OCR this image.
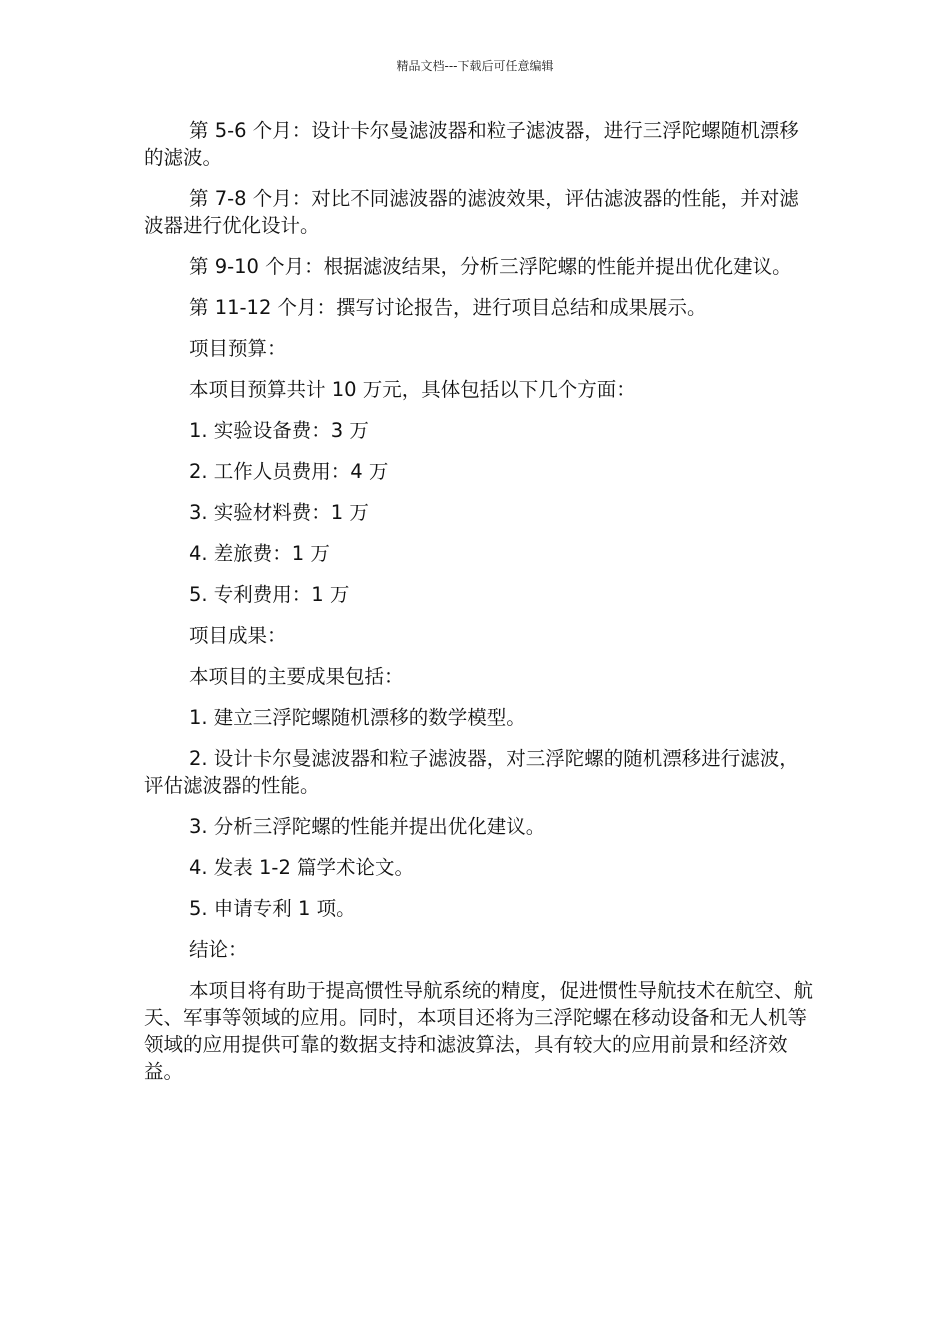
精品文档---下载后可任意编辑

第 5-6 个月：设计卡尔曼滤波器和粒子滤波器，进行三浮陀螺随机漂移的滤波。

第 7-8 个月：对比不同滤波器的滤波效果，评估滤波器的性能，并对滤波器进行优化设计。

第 9-10 个月：根据滤波结果，分析三浮陀螺的性能并提出优化建议。

第 11-12 个月：撰写讨论报告，进行项目总结和成果展示。

项目预算：

本项目预算共计 10 万元，具体包括以下几个方面：

1. 实验设备费：3 万

2. 工作人员费用：4 万

3. 实验材料费：1 万

4. 差旅费：1 万

5. 专利费用：1 万

项目成果：

本项目的主要成果包括：

1. 建立三浮陀螺随机漂移的数学模型。

2. 设计卡尔曼滤波器和粒子滤波器，对三浮陀螺的随机漂移进行滤波，评估滤波器的性能。

3. 分析三浮陀螺的性能并提出优化建议。

4. 发表 1-2 篇学术论文。

5. 申请专利 1 项。

结论：

本项目将有助于提高惯性导航系统的精度，促进惯性导航技术在航空、航天、军事等领域的应用。同时，本项目还将为三浮陀螺在移动设备和无人机等领域的应用提供可靠的数据支持和滤波算法，具有较大的应用前景和经济效益。
